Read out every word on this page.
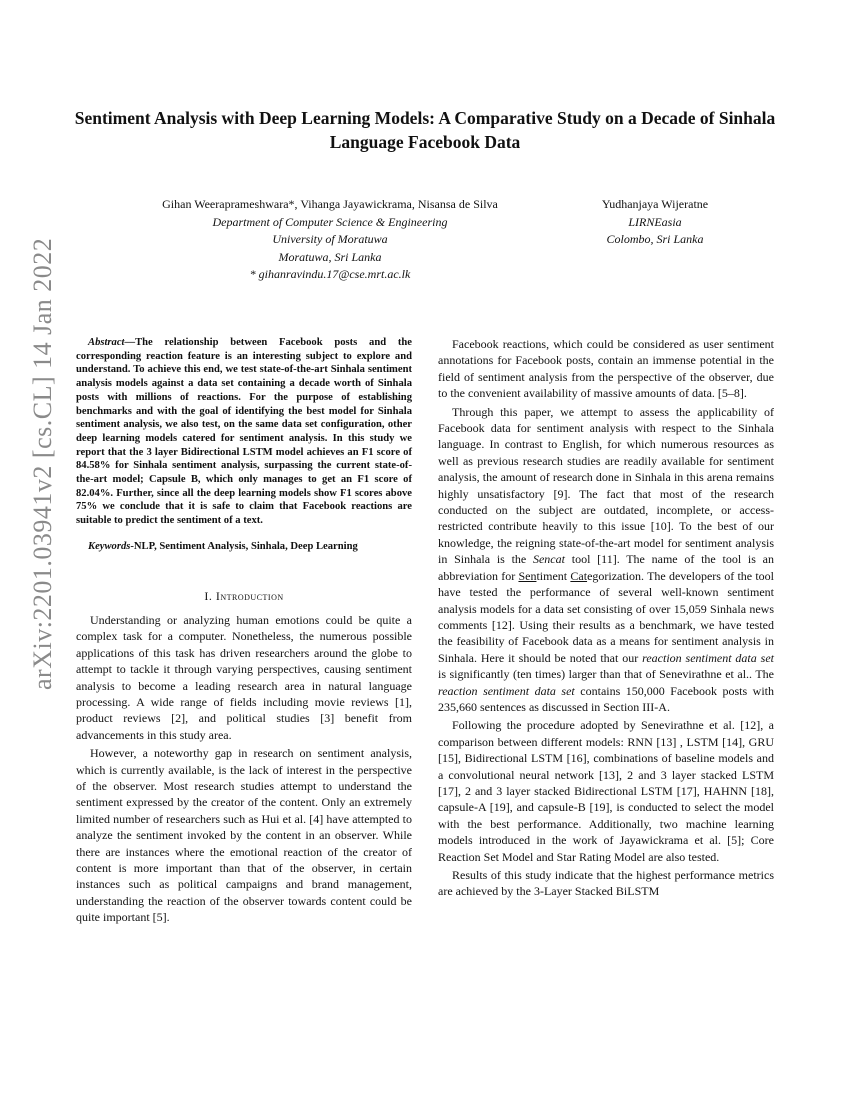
Sentiment Analysis with Deep Learning Models: A Comparative Study on a Decade of Sinhala Language Facebook Data
Gihan Weeraprameshwara*, Vihanga Jayawickrama, Nisansa de Silva
Department of Computer Science & Engineering
University of Moratuwa
Moratuwa, Sri Lanka
* gihanravindu.17@cse.mrt.ac.lk
Yudhanjaya Wijeratne
LIRNEasia
Colombo, Sri Lanka
arXiv:2201.03941v2 [cs.CL] 14 Jan 2022	Abstract—The relationship between Facebook posts and the corresponding reaction feature is an interesting subject to explore and understand. To achieve this end, we test state-of-the-art Sinhala sentiment analysis models against a data set containing a decade worth of Sinhala posts with millions of reactions. For the purpose of establishing benchmarks and with the goal of identifying the best model for Sinhala sentiment analysis, we also test, on the same data set configuration, other deep learning models catered for sentiment analysis. In this study we report that the 3 layer Bidirectional LSTM model achieves an F1 score of 84.58% for Sinhala sentiment analysis, surpassing the current state-of-the-art model; Capsule B, which only manages to get an F1 score of 82.04%. Further, since all the deep learning models show F1 scores above 75% we conclude that it is safe to claim that Facebook reactions are suitable to predict the sentiment of a text.

Keywords-NLP, Sentiment Analysis, Sinhala, Deep Learning

I. Introduction

Understanding or analyzing human emotions could be quite a complex task for a computer. Nonetheless, the numerous possible applications of this task has driven researchers around the globe to attempt to tackle it through varying perspectives, causing sentiment analysis to become a leading research area in natural language processing. A wide range of fields including movie reviews [1], product reviews [2], and political studies [3] benefit from advancements in this study area.

However, a noteworthy gap in research on sentiment analysis, which is currently available, is the lack of interest in the perspective of the observer. Most research studies attempt to understand the sentiment expressed by the creator of the content. Only an extremely limited number of researchers such as Hui et al. [4] have attempted to analyze the sentiment invoked by the content in an observer. While there are instances where the emotional reaction of the creator of content is more important than that of the observer, in certain instances such as political campaigns and brand management, understanding the reaction of the observer towards content could be quite important [5].

Facebook reactions, which could be considered as user sentiment annotations for Facebook posts, contain an immense potential in the field of sentiment analysis from the perspective of the observer, due to the convenient availability of massive amounts of data. [5–8].

Through this paper, we attempt to assess the applicability of Facebook data for sentiment analysis with respect to the Sinhala language. In contrast to English, for which numerous resources as well as previous research studies are readily available for sentiment analysis, the amount of research done in Sinhala in this arena remains highly unsatisfactory [9]. The fact that most of the research conducted on the subject are outdated, incomplete, or access-restricted contribute heavily to this issue [10]. To the best of our knowledge, the reigning state-of-the-art model for sentiment analysis in Sinhala is the Sencat tool [11]. The name of the tool is an abbreviation for Sentiment Categorization. The developers of the tool have tested the performance of several well-known sentiment analysis models for a data set consisting of over 15,059 Sinhala news comments [12]. Using their results as a benchmark, we have tested the feasibility of Facebook data as a means for sentiment analysis in Sinhala. Here it should be noted that our reaction sentiment data set is significantly (ten times) larger than that of Senevirathne et al.. The reaction sentiment data set contains 150,000 Facebook posts with 235,660 sentences as discussed in Section III-A.

Following the procedure adopted by Senevirathne et al. [12], a comparison between different models: RNN [13] , LSTM [14], GRU [15], Bidirectional LSTM [16], combinations of baseline models and a convolutional neural network [13], 2 and 3 layer stacked LSTM [17], 2 and 3 layer stacked Bidirectional LSTM [17], HAHNN [18], capsule-A [19], and capsule-B [19], is conducted to select the model with the best performance. Additionally, two machine learning models introduced in the work of Jayawickrama et al. [5]; Core Reaction Set Model and Star Rating Model are also tested.

Results of this study indicate that the highest performance metrics are achieved by the 3-Layer Stacked BiLSTM
